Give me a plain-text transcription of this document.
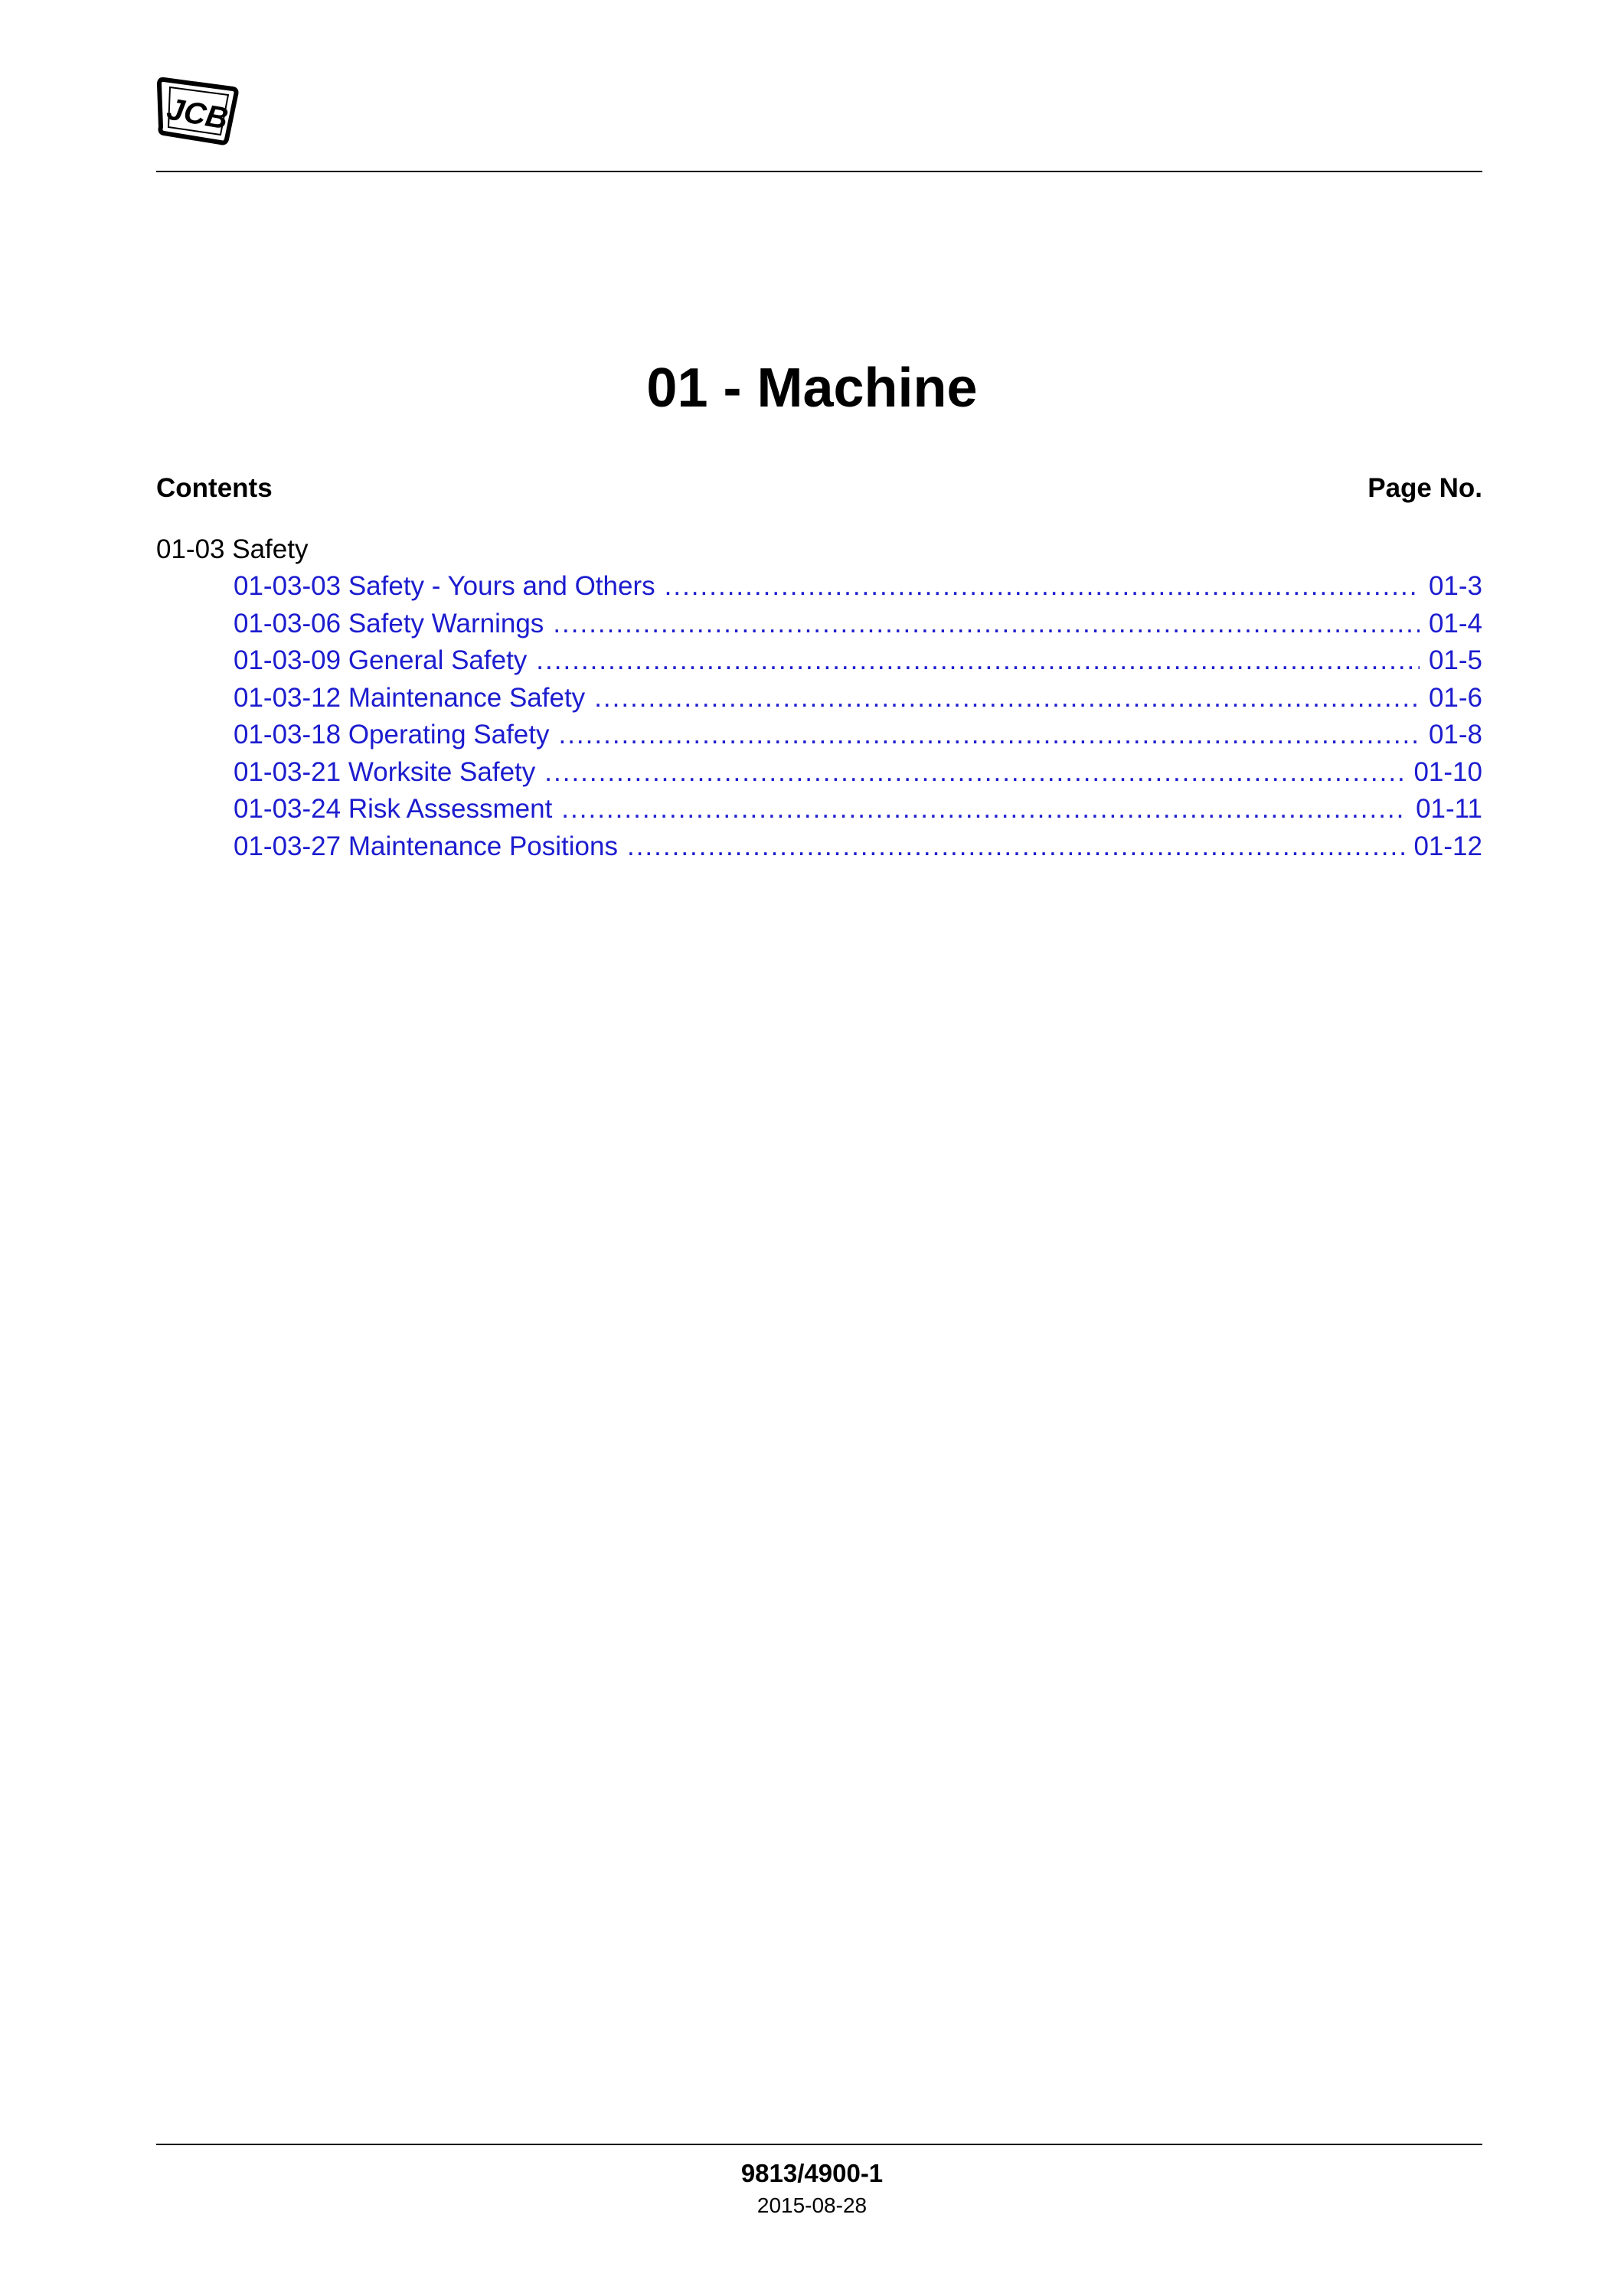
JCB
01 - Machine
Contents	Page No.
01-03 Safety
01-03-03 Safety - Yours and Others .....	01-3
01-03-06 Safety Warnings .....	01-4
01-03-09 General Safety .....	01-5
01-03-12 Maintenance Safety .....	01-6
01-03-18 Operating Safety .....	01-8
01-03-21 Worksite Safety .....	01-10
01-03-24 Risk Assessment .....	01-11
01-03-27 Maintenance Positions .....	01-12
9813/4900-1
2015-08-28
